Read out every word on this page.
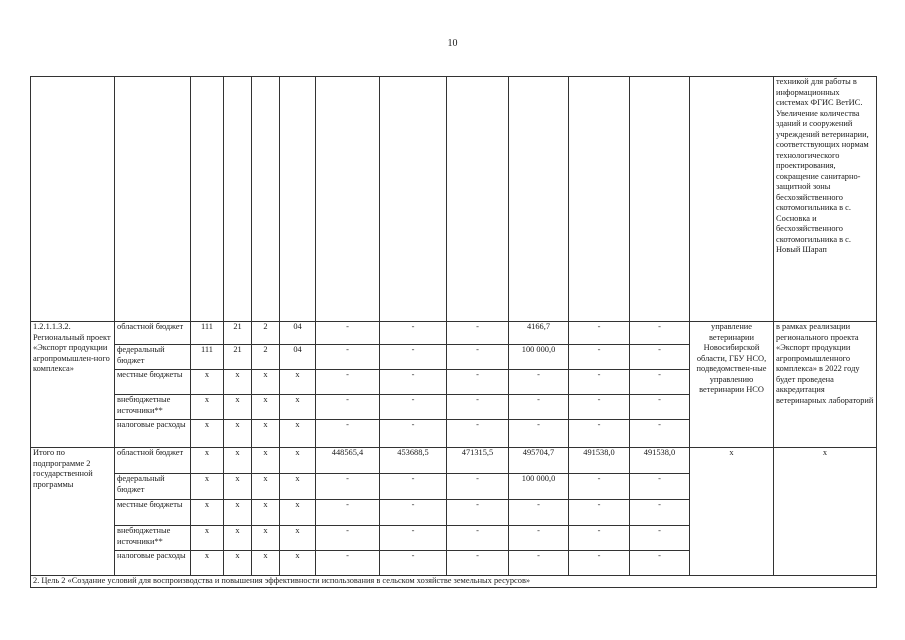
10
													техникой для работы в информационных системах ФГИС ВетИС. Увеличение количества зданий и сооружений учреждений ветеринарии, соответствующих нормам технологического проектирования, сокращение санитарно-защитной зоны бесхозяйственного скотомогильника в с. Сосновка и бесхозяйственного скотомогильника в с. Новый Шарап
1.2.1.1.3.2. Региональный проект «Экспорт продукции агропромышлен-ного комплекса»	областной бюджет	111	21	2	04	-	-	-	4166,7	-	-	управление ветеринарии Новосибирской области, ГБУ НСО, подведомствен-ные управлению ветеринарии НСО	в рамках реализации регионального проекта «Экспорт продукции агропромышленного комплекса» в 2022 году будет проведена аккредитация ветеринарных лабораторий
	федеральный бюджет	111	21	2	04	-	-	-	100 000,0	-	-		
	местные бюджеты	x	x	x	x	-	-	-	-	-	-		
	внебюджетные источники**	x	x	x	x	-	-	-	-	-	-		
	налоговые расходы	x	x	x	x	-	-	-	-	-	-		
Итого по подпрограмме 2 государственной программы	областной бюджет	x	x	x	x	448565,4	453688,5	471315,5	495704,7	491538,0	491538,0	x	x
	федеральный бюджет	x	x	x	x	-	-	-	100 000,0	-	-		
	местные бюджеты	x	x	x	x	-	-	-	-	-	-		
	внебюджетные источники**	x	x	x	x	-	-	-	-	-	-		
	налоговые расходы	x	x	x	x	-	-	-	-	-	-		
2. Цель 2 «Создание условий для воспроизводства и повышения эффективности использования в сельском хозяйстве земельных ресурсов»													
